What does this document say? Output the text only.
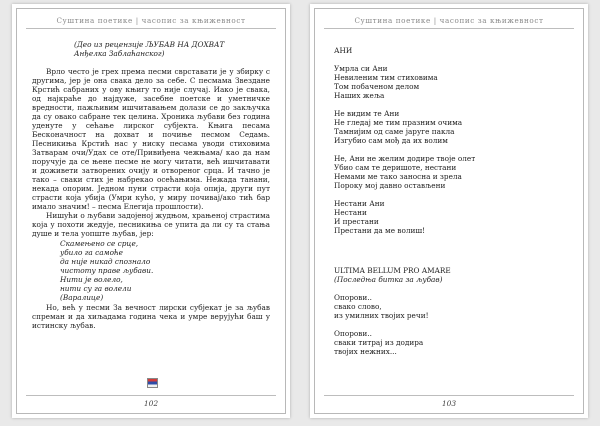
Суштина поетике | часопис за књижевност
(Део из рецензије ЉУБАВ НА ДОХВАТ
Анђелка Заблаћанског)

Врло често је грех према песми сврставати је у збирку с другима, јер је она свака дело за себе. С песмама Звездане Крстић сабраних у ову књигу то није случај. Иако је свака, од најкраће до најдуже, засебне поетске и уметничке вредности, пажљивим ишчитавањем долази се до закључка да су овако сабране тек целина. Хроника љубави без година уденуте у сећање лирског субјекта. Књига песама Бесконачност на дохват и почиње песмом Седамь. Песникиња Крстић нас у ниску песама уводи стиховима Затварам очи/Удах се оте/Привиђена чежњама/ као да нам поручује да се њене песме не могу читати, већ ишчитавати и доживети затворених очију и отвореног срца. И тачно је тако – сваки стих је набрекао осећањима. Нежада танани, некада опорим. Једном пуни страсти која опија, други пут страсти која убија (Умри кућо, у миру почивај/ако тић бар имало значим! – песма Елегија прошлости).

Нишући о љубави задојеној жудњом, храњеној страстима која у похоти жедује, песникиња се упита да ли су та стања душе и тела уопште љубав, јер:

Скамењено се срце,
убило га самоће
да није никад спознало
чистоту праве љубави.
Нити је волело,
нити су га волели
(Варалице)

Но, већ у песми За вечност лирски субјекат је за љубав спреман и да хиљадама година чека и умре верујући баш у истинску љубав.

102
Суштина поетике | часопис за књижевност
АНИ
Умрла си Ани
Невиленим тим стиховима
Том побаченом делом
Наших жеља
Не видим те Ани
Не гледај ме тим празним очима
Тамнијим од саме јаруге пакла
Изгубио сам мођ да их волим
Не, Ани не желим додире твоје олет
Убио сам те деришоте, нестани
Немами ме тако заносна и зрела
Пороку мој давно остављени
Нестани Ани
Нестани
И престани
Престани да ме волиш!
ULTIMA BELLUM PRO AMARE
(Последња битка за љубав)
Опорови..
свако слово,
из умилних твојих речи!
Опорови..
сваки титрај из додира
твојих нежних...
103
